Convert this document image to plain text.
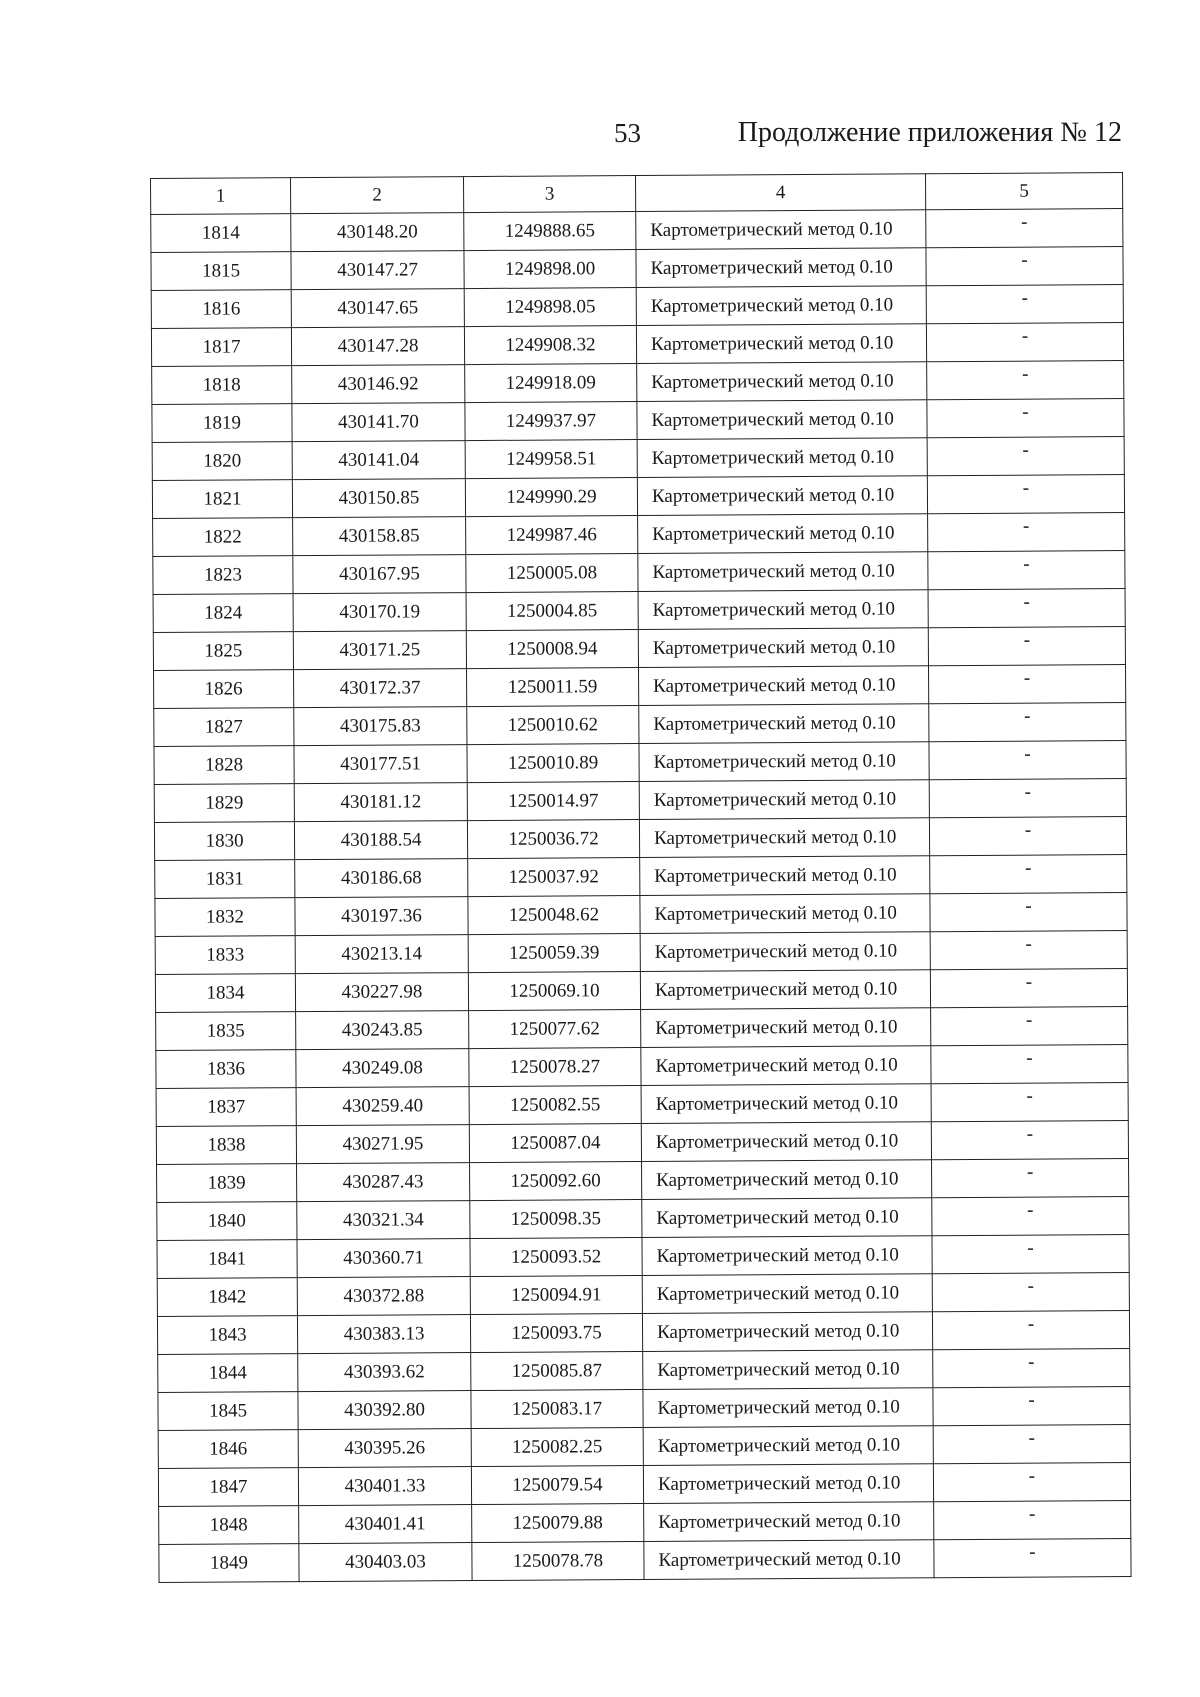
53	Продолжение приложения № 12
1	2	3	4	5
1814	430148.20	1249888.65	Картометрический метод 0.10	-
1815	430147.27	1249898.00	Картометрический метод 0.10	-
1816	430147.65	1249898.05	Картометрический метод 0.10	-
1817	430147.28	1249908.32	Картометрический метод 0.10	-
1818	430146.92	1249918.09	Картометрический метод 0.10	-
1819	430141.70	1249937.97	Картометрический метод 0.10	-
1820	430141.04	1249958.51	Картометрический метод 0.10	-
1821	430150.85	1249990.29	Картометрический метод 0.10	-
1822	430158.85	1249987.46	Картометрический метод 0.10	-
1823	430167.95	1250005.08	Картометрический метод 0.10	-
1824	430170.19	1250004.85	Картометрический метод 0.10	-
1825	430171.25	1250008.94	Картометрический метод 0.10	-
1826	430172.37	1250011.59	Картометрический метод 0.10	-
1827	430175.83	1250010.62	Картометрический метод 0.10	-
1828	430177.51	1250010.89	Картометрический метод 0.10	-
1829	430181.12	1250014.97	Картометрический метод 0.10	-
1830	430188.54	1250036.72	Картометрический метод 0.10	-
1831	430186.68	1250037.92	Картометрический метод 0.10	-
1832	430197.36	1250048.62	Картометрический метод 0.10	-
1833	430213.14	1250059.39	Картометрический метод 0.10	-
1834	430227.98	1250069.10	Картометрический метод 0.10	-
1835	430243.85	1250077.62	Картометрический метод 0.10	-
1836	430249.08	1250078.27	Картометрический метод 0.10	-
1837	430259.40	1250082.55	Картометрический метод 0.10	-
1838	430271.95	1250087.04	Картометрический метод 0.10	-
1839	430287.43	1250092.60	Картометрический метод 0.10	-
1840	430321.34	1250098.35	Картометрический метод 0.10	-
1841	430360.71	1250093.52	Картометрический метод 0.10	-
1842	430372.88	1250094.91	Картометрический метод 0.10	-
1843	430383.13	1250093.75	Картометрический метод 0.10	-
1844	430393.62	1250085.87	Картометрический метод 0.10	-
1845	430392.80	1250083.17	Картометрический метод 0.10	-
1846	430395.26	1250082.25	Картометрический метод 0.10	-
1847	430401.33	1250079.54	Картометрический метод 0.10	-
1848	430401.41	1250079.88	Картометрический метод 0.10	-
1849	430403.03	1250078.78	Картометрический метод 0.10	-
